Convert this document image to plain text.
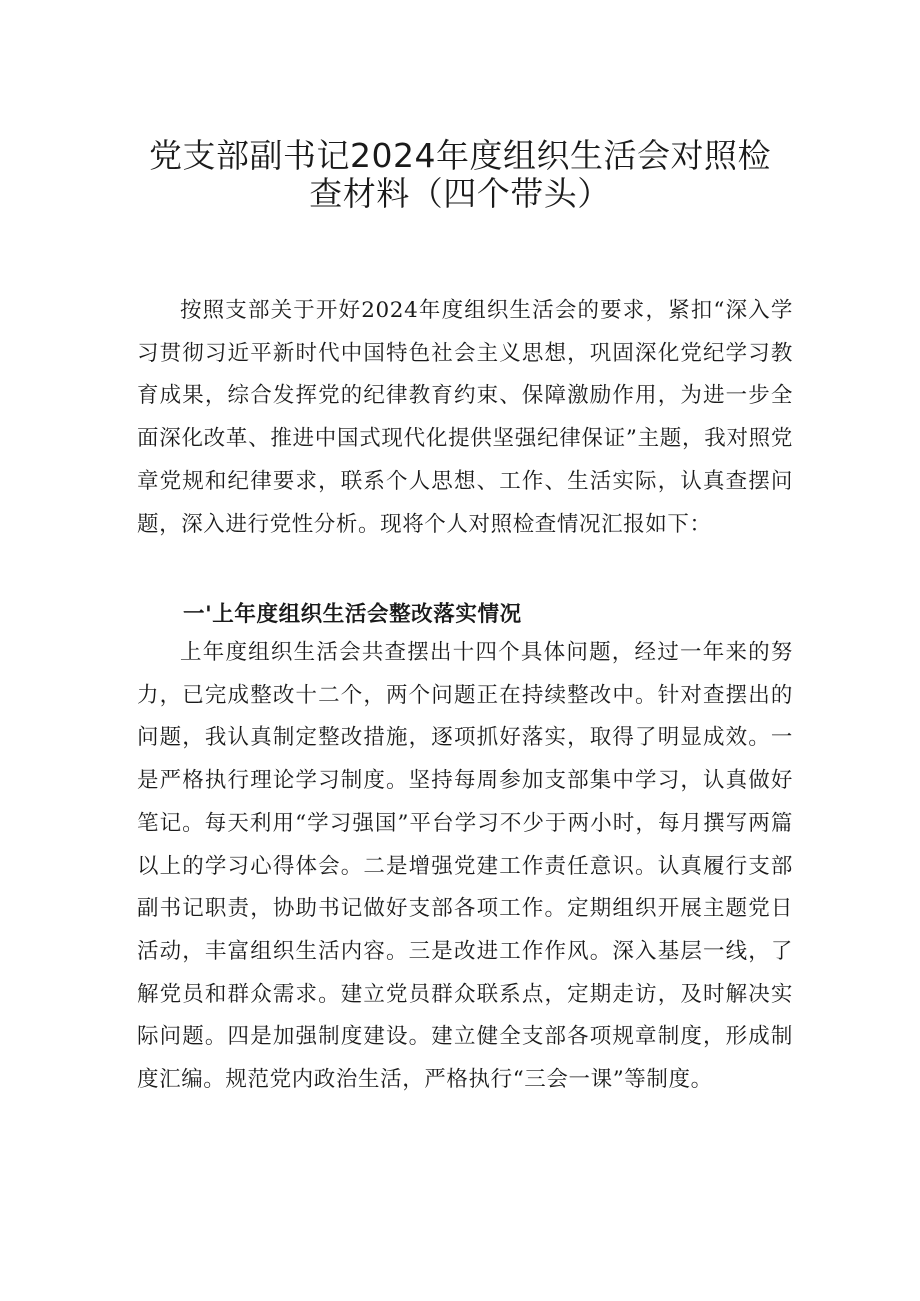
党支部副书记2024年度组织生活会对照检
查材料（四个带头）

按照支部关于开好2024年度组织生活会的要求，紧扣“深入学习贯彻习近平新时代中国特色社会主义思想，巩固深化党纪学习教育成果，综合发挥党的纪律教育约束、保障激励作用，为进一步全面深化改革、推进中国式现代化提供坚强纪律保证”主题，我对照党章党规和纪律要求，联系个人思想、工作、生活实际，认真查摆问题，深入进行党性分析。现将个人对照检查情况汇报如下：

一'上年度组织生活会整改落实情况

上年度组织生活会共查摆出十四个具体问题，经过一年来的努力，已完成整改十二个，两个问题正在持续整改中。针对查摆出的问题，我认真制定整改措施，逐项抓好落实，取得了明显成效。一是严格执行理论学习制度。坚持每周参加支部集中学习，认真做好笔记。每天利用“学习强国”平台学习不少于两小时，每月撰写两篇以上的学习心得体会。二是增强党建工作责任意识。认真履行支部副书记职责，协助书记做好支部各项工作。定期组织开展主题党日活动，丰富组织生活内容。三是改进工作作风。深入基层一线，了解党员和群众需求。建立党员群众联系点，定期走访，及时解决实际问题。四是加强制度建设。建立健全支部各项规章制度，形成制度汇编。规范党内政治生活，严格执行“三会一课”等制度。
